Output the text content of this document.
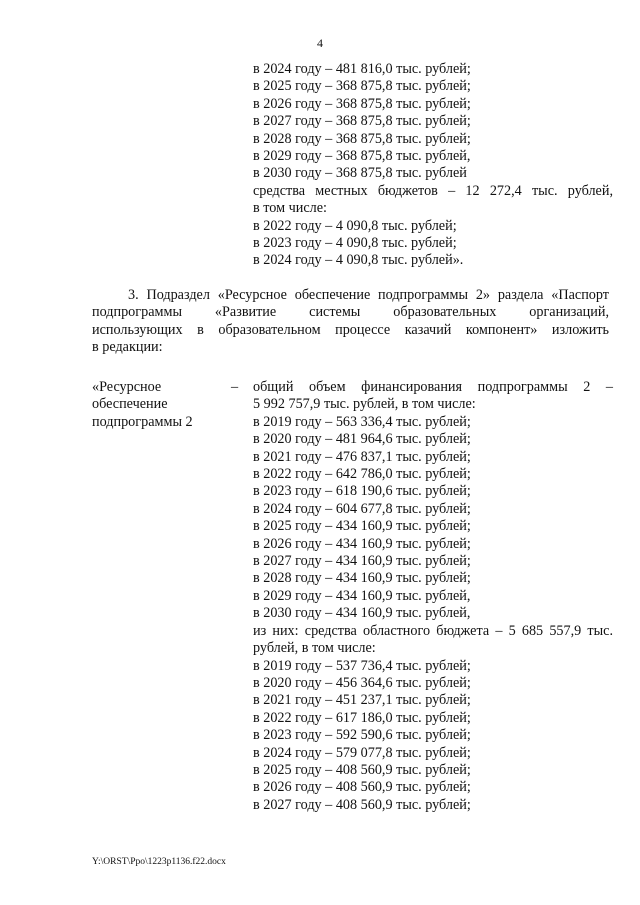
4
в 2024 году – 481 816,0 тыс. рублей;
в 2025 году – 368 875,8 тыс. рублей;
в 2026 году – 368 875,8 тыс. рублей;
в 2027 году – 368 875,8 тыс. рублей;
в 2028 году – 368 875,8 тыс. рублей;
в 2029 году – 368 875,8 тыс. рублей,
в 2030 году – 368 875,8 тыс. рублей
средства местных бюджетов – 12 272,4 тыс. рублей,
в том числе:
в 2022 году – 4 090,8 тыс. рублей;
в 2023 году – 4 090,8 тыс. рублей;
в 2024 году – 4 090,8 тыс. рублей».
3. Подраздел «Ресурсное обеспечение подпрограммы 2» раздела «Паспорт
подпрограммы «Развитие системы образовательных организаций,
использующих в образовательном процессе казачий компонент» изложить
в редакции:
«Ресурсное
обеспечение
подпрограммы 2
– общий объем финансирования подпрограммы 2 –
5 992 757,9 тыс. рублей, в том числе:
в 2019 году – 563 336,4 тыс. рублей;
в 2020 году – 481 964,6 тыс. рублей;
в 2021 году – 476 837,1 тыс. рублей;
в 2022 году – 642 786,0 тыс. рублей;
в 2023 году – 618 190,6 тыс. рублей;
в 2024 году – 604 677,8 тыс. рублей;
в 2025 году – 434 160,9 тыс. рублей;
в 2026 году – 434 160,9 тыс. рублей;
в 2027 году – 434 160,9 тыс. рублей;
в 2028 году – 434 160,9 тыс. рублей;
в 2029 году – 434 160,9 тыс. рублей,
в 2030 году – 434 160,9 тыс. рублей,
из них: средства областного бюджета – 5 685 557,9 тыс.
рублей, в том числе:
в 2019 году – 537 736,4 тыс. рублей;
в 2020 году – 456 364,6 тыс. рублей;
в 2021 году – 451 237,1 тыс. рублей;
в 2022 году – 617 186,0 тыс. рублей;
в 2023 году – 592 590,6 тыс. рублей;
в 2024 году – 579 077,8 тыс. рублей;
в 2025 году – 408 560,9 тыс. рублей;
в 2026 году – 408 560,9 тыс. рублей;
в 2027 году – 408 560,9 тыс. рублей;
Y:\ORST\Ppo\1223p1136.f22.docx
